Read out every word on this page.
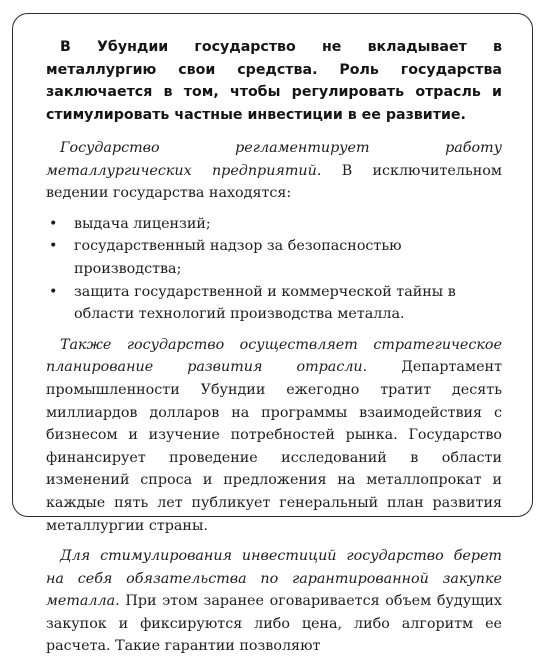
В Убундии государство не вкладывает в металлургию свои средства. Роль государства заключается в том, чтобы регулировать отрасль и стимулировать частные инвестиции в ее развитие.

Государство регламентирует работу металлургических предприятий. В исключительном ведении государства находятся:

• выдача лицензий;
• государственный надзор за безопасностью производства;
• защита государственной и коммерческой тайны в области технологий производства металла.

Также государство осуществляет стратегическое планирование развития отрасли. Департамент промышленности Убундии ежегодно тратит десять миллиардов долларов на программы взаимодействия с бизнесом и изучение потребностей рынка. Государство финансирует проведение исследований в области изменений спроса и предложения на металлопрокат и каждые пять лет публикует генеральный план развития металлургии страны.

Для стимулирования инвестиций государство берет на себя обязательства по гарантированной закупке металла. При этом заранее оговаривается объем будущих закупок и фиксируются либо цена, либо алгоритм ее расчета. Такие гарантии позволяют
